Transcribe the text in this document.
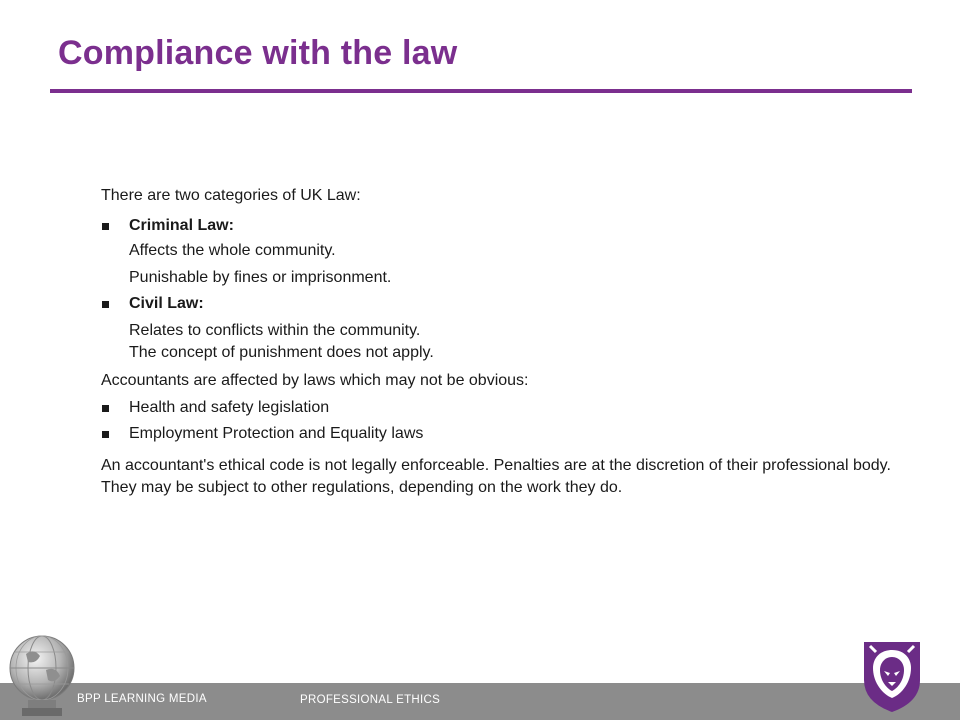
Compliance with the law
There are two categories of UK Law:
Criminal Law:
Affects the whole community.
Punishable by fines or imprisonment.
Civil Law:
Relates to conflicts within the community.
The concept of punishment does not apply.
Accountants are affected by laws which may not be obvious:
Health and safety legislation
Employment Protection and Equality laws
An accountant's ethical code is not legally enforceable. Penalties are at the discretion of their professional body.
They may be subject to other regulations, depending on the work they do.
BPP LEARNING MEDIA	PROFESSIONAL ETHICS
